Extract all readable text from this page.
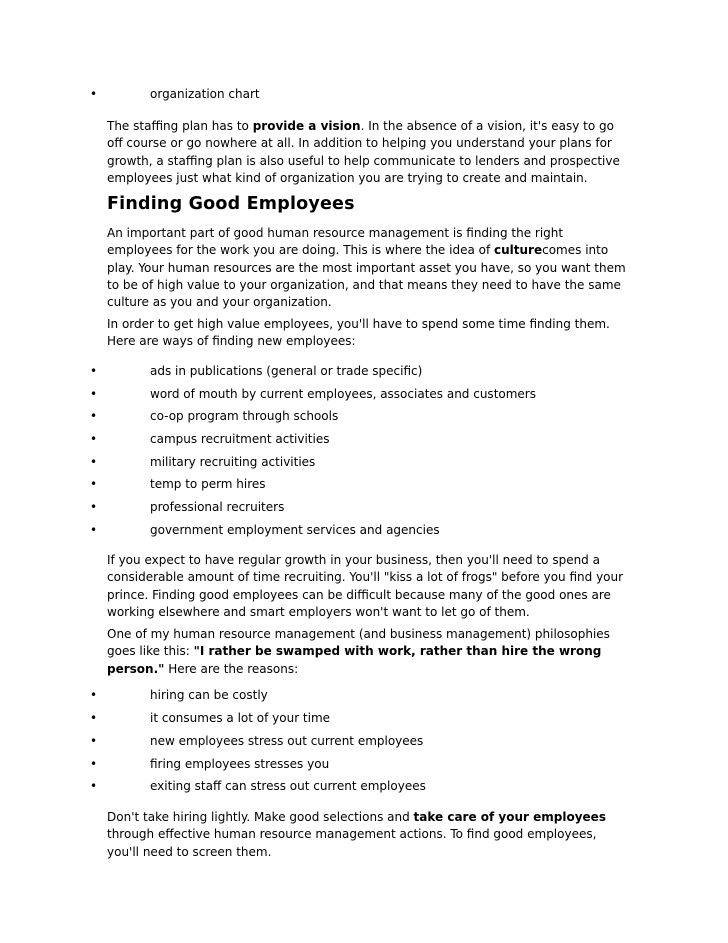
•	organization chart

The staffing plan has to provide a vision. In the absence of a vision, it's easy to go off course or go nowhere at all. In addition to helping you understand your plans for growth, a staffing plan is also useful to help communicate to lenders and prospective employees just what kind of organization you are trying to create and maintain.

Finding Good Employees

An important part of good human resource management is finding the right employees for the work you are doing. This is where the idea of culturecomes into play. Your human resources are the most important asset you have, so you want them to be of high value to your organization, and that means they need to have the same culture as you and your organization.

In order to get high value employees, you'll have to spend some time finding them. Here are ways of finding new employees:

•	ads in publications (general or trade specific)
•	word of mouth by current employees, associates and customers
•	co-op program through schools
•	campus recruitment activities
•	military recruiting activities
•	temp to perm hires
•	professional recruiters
•	government employment services and agencies

If you expect to have regular growth in your business, then you'll need to spend a considerable amount of time recruiting. You'll "kiss a lot of frogs" before you find your prince. Finding good employees can be difficult because many of the good ones are working elsewhere and smart employers won't want to let go of them.

One of my human resource management (and business management) philosophies goes like this: "I rather be swamped with work, rather than hire the wrong person." Here are the reasons:

•	hiring can be costly
•	it consumes a lot of your time
•	new employees stress out current employees
•	firing employees stresses you
•	exiting staff can stress out current employees

Don't take hiring lightly. Make good selections and take care of your employees through effective human resource management actions. To find good employees, you'll need to screen them.
